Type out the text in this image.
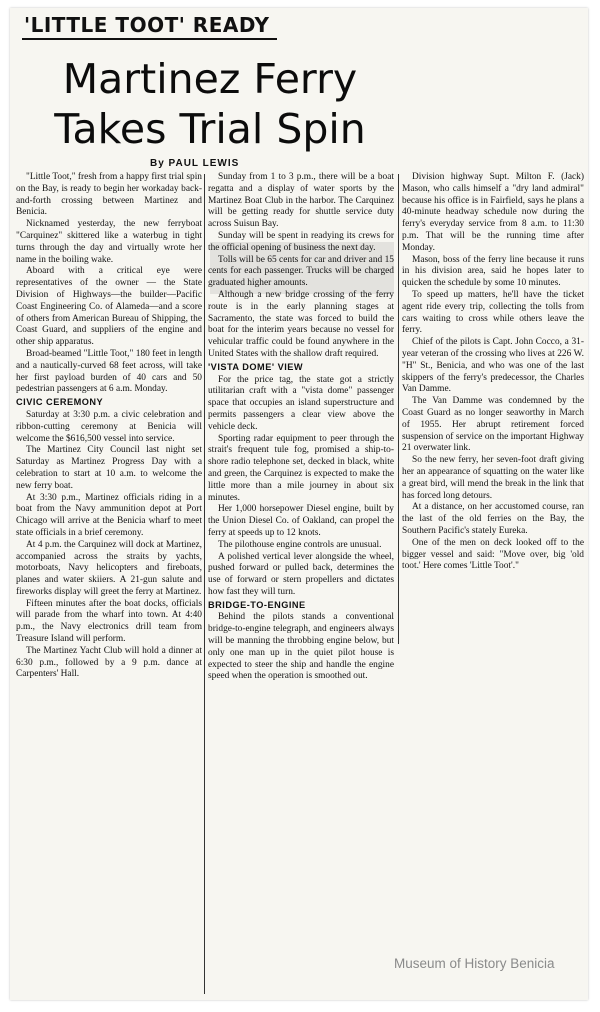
'LITTLE TOOT' READY
Martinez Ferry
Takes Trial Spin
By PAUL LEWIS

"Little Toot," fresh from a happy first trial spin on the Bay, is ready to begin her workaday back-and-forth crossing between Martinez and Benicia.

Nicknamed yesterday, the new ferryboat "Carquinez" skittered like a waterbug in tight turns through the day and virtually wrote her name in the boiling wake.

Aboard with a critical eye were representatives of the owner — the State Division of Highways—the builder—Pacific Coast Engineering Co. of Alameda—and a score of others from American Bureau of Shipping, the Coast Guard, and suppliers of the engine and other ship apparatus.

Broad-beamed "Little Toot," 180 feet in length and a nautically-curved 68 feet across, will take her first payload burden of 40 cars and 50 pedestrian passengers at 6 a.m. Monday.

CIVIC CEREMONY

Saturday at 3:30 p.m. a civic celebration and ribbon-cutting ceremony at Benicia will welcome the $616,500 vessel into service.

The Martinez City Council last night set Saturday as Martinez Progress Day with a celebration to start at 10 a.m. to welcome the new ferry boat.

At 3:30 p.m., Martinez officials riding in a boat from the Navy ammunition depot at Port Chicago will arrive at the Benicia wharf to meet state officials in a brief ceremony.

At 4 p.m. the Carquinez will dock at Martinez, accompanied across the straits by yachts, motorboats, Navy helicopters and fireboats, planes and water skiiers. A 21-gun salute and fireworks display will greet the ferry at Martinez.

Fifteen minutes after the boat docks, officials will parade from the wharf into town. At 4:40 p.m., the Navy electronics drill team from Treasure Island will perform.

The Martinez Yacht Club will hold a dinner at 6:30 p.m., followed by a 9 p.m. dance at Carpenters' Hall.

Sunday from 1 to 3 p.m., there will be a boat regatta and a display of water sports by the Martinez Boat Club in the harbor. The Carquinez will be getting ready for shuttle service duty across Suisun Bay.

Sunday will be spent in readying its crews for the official opening of business the next day.

Tolls will be 65 cents for car and driver and 15 cents for each passenger. Trucks will be charged graduated higher amounts.

Although a new bridge crossing of the ferry route is in the early planning stages at Sacramento, the state was forced to build the boat for the interim years because no vessel for vehicular traffic could be found anywhere in the United States with the shallow draft required.

'VISTA DOME' VIEW

For the price tag, the state got a strictly utilitarian craft with a "vista dome" passenger space that occupies an island superstructure and permits passengers a clear view above the vehicle deck.

Sporting radar equipment to peer through the strait's frequent tule fog, promised a ship-to-shore radio telephone set, decked in black, white and green, the Carquinez is expected to make the little more than a mile journey in about six minutes.

Her 1,000 horsepower Diesel engine, built by the Union Diesel Co. of Oakland, can propel the ferry at speeds up to 12 knots.

The pilothouse engine controls are unusual.

A polished vertical lever alongside the wheel, pushed forward or pulled back, determines the use of forward or stern propellers and dictates how fast they will turn.

BRIDGE-TO-ENGINE

Behind the pilots stands a conventional bridge-to-engine telegraph, and engineers always will be manning the throbbing engine below, but only one man up in the quiet pilot house is expected to steer the ship and handle the engine speed when the operation is smoothed out.

Division highway Supt. Milton F. (Jack) Mason, who calls himself a "dry land admiral" because his office is in Fairfield, says he plans a 40-minute headway schedule now during the ferry's everyday service from 8 a.m. to 11:30 p.m. That will be the running time after Monday.

Mason, boss of the ferry line because it runs in his division area, said he hopes later to quicken the schedule by some 10 minutes.

To speed up matters, he'll have the ticket agent ride every trip, collecting the tolls from cars waiting to cross while others leave the ferry.

Chief of the pilots is Capt. John Cocco, a 31-year veteran of the crossing who lives at 226 W. "H" St., Benicia, and who was one of the last skippers of the ferry's predecessor, the Charles Van Damme.

The Van Damme was condemned by the Coast Guard as no longer seaworthy in March of 1955. Her abrupt retirement forced suspension of service on the important Highway 21 overwater link.

So the new ferry, her seven-foot draft giving her an appearance of squatting on the water like a great bird, will mend the break in the link that has forced long detours.

At a distance, on her accustomed course, ran the last of the old ferries on the Bay, the Southern Pacific's stately Eureka.

One of the men on deck looked off to the bigger vessel and said: "Move over, big 'old toot.' Here comes 'Little Toot'."

Museum of History Benicia
